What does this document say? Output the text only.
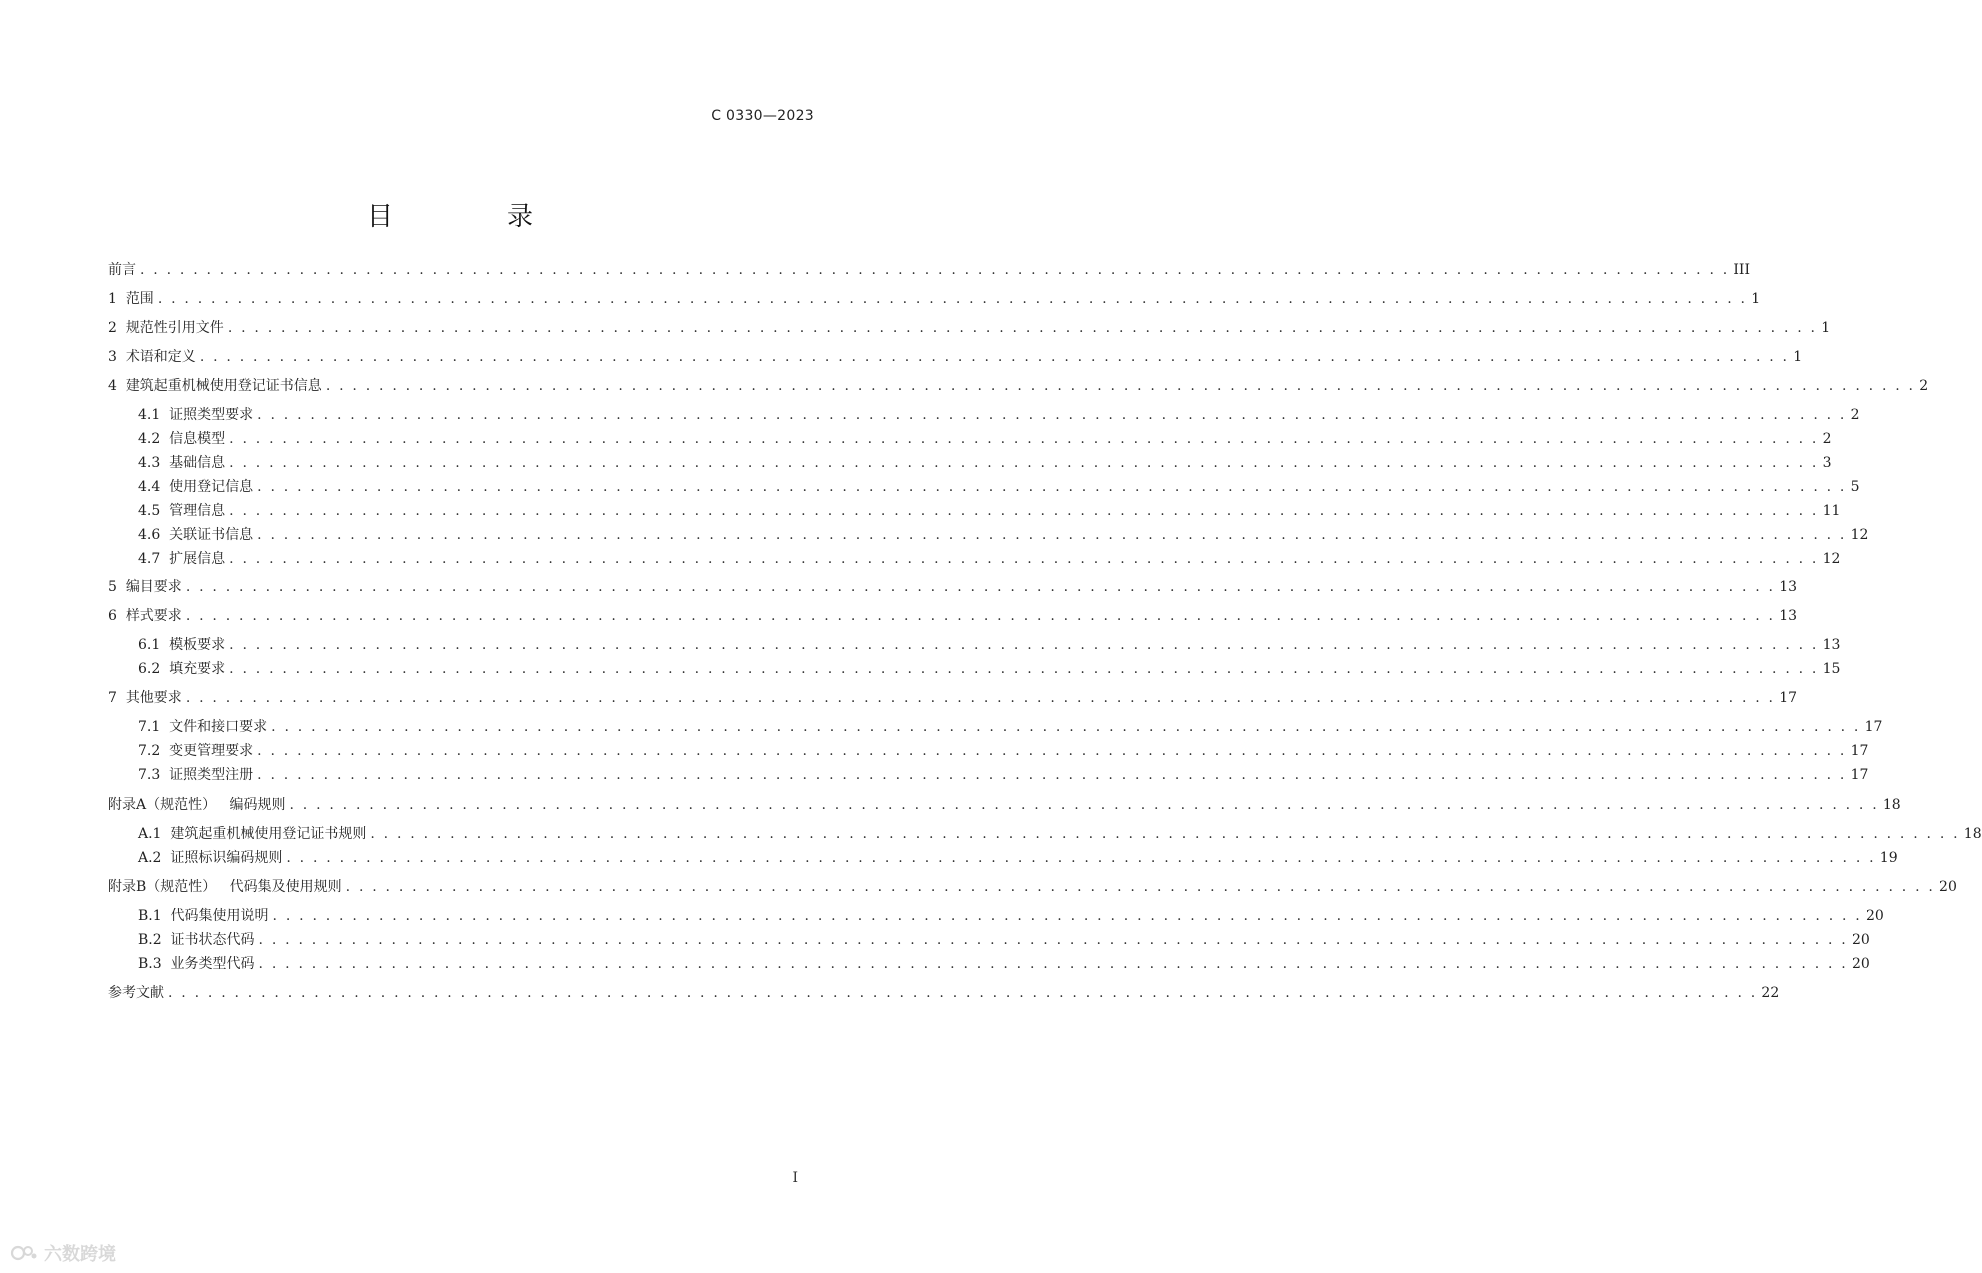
C 0330—2023
目　录
前言 . . . . . . . . . . . . . . . . . . . . . . . . . . . . . . . . . . . . . . . . . . . . . . . . . . . . . . . . . . . . . . . . . . . . . . . . . . . . . . . . . . . . . . . . . . . . . . . . . . . . . . . . . . . . . . . . . . . . . . . . III
1 范围 . . . . . . . . . . . . . . . . . . . . . . . . . . . . . . . . . . . . . . . . . . . . . . . . . . . . . . . . . . . . . . . . . . . . . . . . . . . . . . . . . . . . . . . . . . . . . . . . . . . . . . . . . . . . . . . . . . . . . . . . 1
2 规范性引用文件 . . . . . . . . . . . . . . . . . . . . . . . . . . . . . . . . . . . . . . . . . . . . . . . . . . . . . . . . . . . . . . . . . . . . . . . . . . . . . . . . . . . . . . . . . . . . . . . . . . . . . . . . . . . . . . . . . . . . . . . . 1
3 术语和定义 . . . . . . . . . . . . . . . . . . . . . . . . . . . . . . . . . . . . . . . . . . . . . . . . . . . . . . . . . . . . . . . . . . . . . . . . . . . . . . . . . . . . . . . . . . . . . . . . . . . . . . . . . . . . . . . . . . . . . . . . 1
4 建筑起重机械使用登记证书信息 . . . . . . . . . . . . . . . . . . . . . . . . . . . . . . . . . . . . . . . . . . . . . . . . . . . . . . . . . . . . . . . . . . . . . . . . . . . . . . . . . . . . . . . . . . . . . . . . . . . . . . . . . . . . . . . . . . . . . . . . 2
4.1 证照类型要求 . . . . . . . . . . . . . . . . . . . . . . . . . . . . . . . . . . . . . . . . . . . . . . . . . . . . . . . . . . . . . . . . . . . . . . . . . . . . . . . . . . . . . . . . . . . . . . . . . . . . . . . . . . . . . . . . . . . . . . . . 2
4.2 信息模型 . . . . . . . . . . . . . . . . . . . . . . . . . . . . . . . . . . . . . . . . . . . . . . . . . . . . . . . . . . . . . . . . . . . . . . . . . . . . . . . . . . . . . . . . . . . . . . . . . . . . . . . . . . . . . . . . . . . . . . . . 2
4.3 基础信息 . . . . . . . . . . . . . . . . . . . . . . . . . . . . . . . . . . . . . . . . . . . . . . . . . . . . . . . . . . . . . . . . . . . . . . . . . . . . . . . . . . . . . . . . . . . . . . . . . . . . . . . . . . . . . . . . . . . . . . . . 3
4.4 使用登记信息 . . . . . . . . . . . . . . . . . . . . . . . . . . . . . . . . . . . . . . . . . . . . . . . . . . . . . . . . . . . . . . . . . . . . . . . . . . . . . . . . . . . . . . . . . . . . . . . . . . . . . . . . . . . . . . . . . . . . . . . . 5
4.5 管理信息 . . . . . . . . . . . . . . . . . . . . . . . . . . . . . . . . . . . . . . . . . . . . . . . . . . . . . . . . . . . . . . . . . . . . . . . . . . . . . . . . . . . . . . . . . . . . . . . . . . . . . . . . . . . . . . . . . . . . . . . . 11
4.6 关联证书信息 . . . . . . . . . . . . . . . . . . . . . . . . . . . . . . . . . . . . . . . . . . . . . . . . . . . . . . . . . . . . . . . . . . . . . . . . . . . . . . . . . . . . . . . . . . . . . . . . . . . . . . . . . . . . . . . . . . . . . . . . 12
4.7 扩展信息 . . . . . . . . . . . . . . . . . . . . . . . . . . . . . . . . . . . . . . . . . . . . . . . . . . . . . . . . . . . . . . . . . . . . . . . . . . . . . . . . . . . . . . . . . . . . . . . . . . . . . . . . . . . . . . . . . . . . . . . . 12
5 编目要求 . . . . . . . . . . . . . . . . . . . . . . . . . . . . . . . . . . . . . . . . . . . . . . . . . . . . . . . . . . . . . . . . . . . . . . . . . . . . . . . . . . . . . . . . . . . . . . . . . . . . . . . . . . . . . . . . . . . . . . . . 13
6 样式要求 . . . . . . . . . . . . . . . . . . . . . . . . . . . . . . . . . . . . . . . . . . . . . . . . . . . . . . . . . . . . . . . . . . . . . . . . . . . . . . . . . . . . . . . . . . . . . . . . . . . . . . . . . . . . . . . . . . . . . . . . 13
6.1 模板要求 . . . . . . . . . . . . . . . . . . . . . . . . . . . . . . . . . . . . . . . . . . . . . . . . . . . . . . . . . . . . . . . . . . . . . . . . . . . . . . . . . . . . . . . . . . . . . . . . . . . . . . . . . . . . . . . . . . . . . . . . 13
6.2 填充要求 . . . . . . . . . . . . . . . . . . . . . . . . . . . . . . . . . . . . . . . . . . . . . . . . . . . . . . . . . . . . . . . . . . . . . . . . . . . . . . . . . . . . . . . . . . . . . . . . . . . . . . . . . . . . . . . . . . . . . . . . 15
7 其他要求 . . . . . . . . . . . . . . . . . . . . . . . . . . . . . . . . . . . . . . . . . . . . . . . . . . . . . . . . . . . . . . . . . . . . . . . . . . . . . . . . . . . . . . . . . . . . . . . . . . . . . . . . . . . . . . . . . . . . . . . . 17
7.1 文件和接口要求 . . . . . . . . . . . . . . . . . . . . . . . . . . . . . . . . . . . . . . . . . . . . . . . . . . . . . . . . . . . . . . . . . . . . . . . . . . . . . . . . . . . . . . . . . . . . . . . . . . . . . . . . . . . . . . . . . . . . . . . . 17
7.2 变更管理要求 . . . . . . . . . . . . . . . . . . . . . . . . . . . . . . . . . . . . . . . . . . . . . . . . . . . . . . . . . . . . . . . . . . . . . . . . . . . . . . . . . . . . . . . . . . . . . . . . . . . . . . . . . . . . . . . . . . . . . . . . 17
7.3 证照类型注册 . . . . . . . . . . . . . . . . . . . . . . . . . . . . . . . . . . . . . . . . . . . . . . . . . . . . . . . . . . . . . . . . . . . . . . . . . . . . . . . . . . . . . . . . . . . . . . . . . . . . . . . . . . . . . . . . . . . . . . . . 17
附录A（规范性）   编码规则 . . . . . . . . . . . . . . . . . . . . . . . . . . . . . . . . . . . . . . . . . . . . . . . . . . . . . . . . . . . . . . . . . . . . . . . . . . . . . . . . . . . . . . . . . . . . . . . . . . . . . . . . . . . . . . . . . . . . . . . . 18
A.1 建筑起重机械使用登记证书规则 . . . . . . . . . . . . . . . . . . . . . . . . . . . . . . . . . . . . . . . . . . . . . . . . . . . . . . . . . . . . . . . . . . . . . . . . . . . . . . . . . . . . . . . . . . . . . . . . . . . . . . . . . . . . . . . . . . . . . . . . 18
A.2 证照标识编码规则 . . . . . . . . . . . . . . . . . . . . . . . . . . . . . . . . . . . . . . . . . . . . . . . . . . . . . . . . . . . . . . . . . . . . . . . . . . . . . . . . . . . . . . . . . . . . . . . . . . . . . . . . . . . . . . . . . . . . . . . . 19
附录B（规范性）   代码集及使用规则 . . . . . . . . . . . . . . . . . . . . . . . . . . . . . . . . . . . . . . . . . . . . . . . . . . . . . . . . . . . . . . . . . . . . . . . . . . . . . . . . . . . . . . . . . . . . . . . . . . . . . . . . . . . . . . . . . . . . . . . . 20
B.1 代码集使用说明 . . . . . . . . . . . . . . . . . . . . . . . . . . . . . . . . . . . . . . . . . . . . . . . . . . . . . . . . . . . . . . . . . . . . . . . . . . . . . . . . . . . . . . . . . . . . . . . . . . . . . . . . . . . . . . . . . . . . . . . . 20
B.2 证书状态代码 . . . . . . . . . . . . . . . . . . . . . . . . . . . . . . . . . . . . . . . . . . . . . . . . . . . . . . . . . . . . . . . . . . . . . . . . . . . . . . . . . . . . . . . . . . . . . . . . . . . . . . . . . . . . . . . . . . . . . . . . 20
B.3 业务类型代码 . . . . . . . . . . . . . . . . . . . . . . . . . . . . . . . . . . . . . . . . . . . . . . . . . . . . . . . . . . . . . . . . . . . . . . . . . . . . . . . . . . . . . . . . . . . . . . . . . . . . . . . . . . . . . . . . . . . . . . . . 20
参考文献 . . . . . . . . . . . . . . . . . . . . . . . . . . . . . . . . . . . . . . . . . . . . . . . . . . . . . . . . . . . . . . . . . . . . . . . . . . . . . . . . . . . . . . . . . . . . . . . . . . . . . . . . . . . . . . . . . . . . . . . . 22
I
六数跨境
